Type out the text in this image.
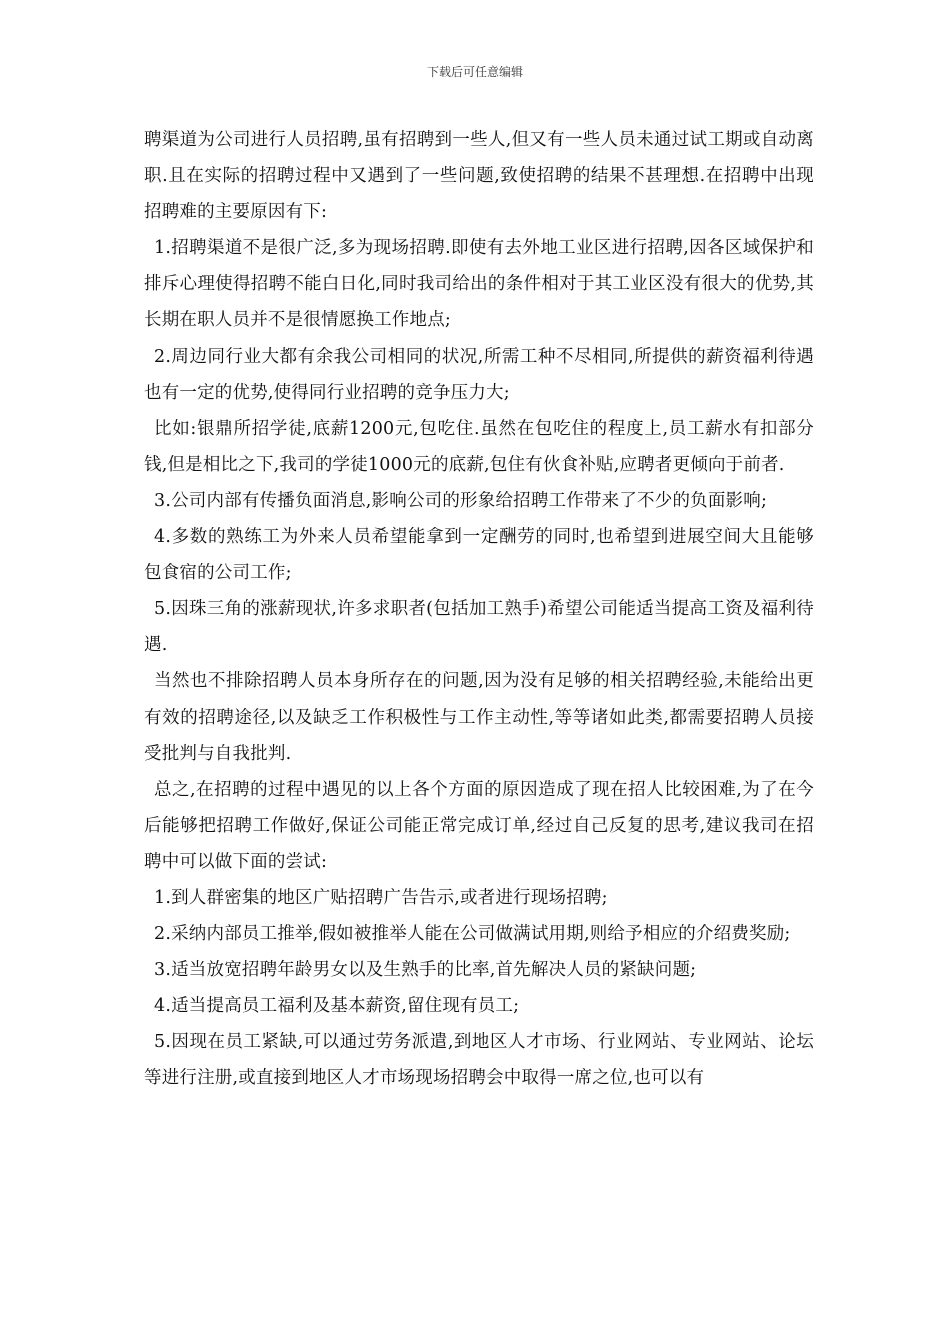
下载后可任意编辑

聘渠道为公司进行人员招聘,虽有招聘到一些人,但又有一些人员未通过试工期或自动离职.且在实际的招聘过程中又遇到了一些问题,致使招聘的结果不甚理想.在招聘中出现招聘难的主要原因有下:

1.招聘渠道不是很广泛,多为现场招聘.即使有去外地工业区进行招聘,因各区域保护和排斥心理使得招聘不能白日化,同时我司给出的条件相对于其工业区没有很大的优势,其长期在职人员并不是很情愿换工作地点;

2.周边同行业大都有余我公司相同的状况,所需工种不尽相同,所提供的薪资福利待遇也有一定的优势,使得同行业招聘的竞争压力大;

比如:银鼎所招学徒,底薪1200元,包吃住.虽然在包吃住的程度上,员工薪水有扣部分钱,但是相比之下,我司的学徒1000元的底薪,包住有伙食补贴,应聘者更倾向于前者.

3.公司内部有传播负面消息,影响公司的形象给招聘工作带来了不少的负面影响;

4.多数的熟练工为外来人员希望能拿到一定酬劳的同时,也希望到进展空间大且能够包食宿的公司工作;

5.因珠三角的涨薪现状,许多求职者(包括加工熟手)希望公司能适当提高工资及福利待遇.

当然也不排除招聘人员本身所存在的问题,因为没有足够的相关招聘经验,未能给出更有效的招聘途径,以及缺乏工作积极性与工作主动性,等等诸如此类,都需要招聘人员接受批判与自我批判.

总之,在招聘的过程中遇见的以上各个方面的原因造成了现在招人比较困难,为了在今后能够把招聘工作做好,保证公司能正常完成订单,经过自己反复的思考,建议我司在招聘中可以做下面的尝试:

1.到人群密集的地区广贴招聘广告告示,或者进行现场招聘;

2.采纳内部员工推举,假如被推举人能在公司做满试用期,则给予相应的介绍费奖励;

3.适当放宽招聘年龄男女以及生熟手的比率,首先解决人员的紧缺问题;

4.适当提高员工福利及基本薪资,留住现有员工;

5.因现在员工紧缺,可以通过劳务派遣,到地区人才市场、行业网站、专业网站、论坛等进行注册,或直接到地区人才市场现场招聘会中取得一席之位,也可以有
